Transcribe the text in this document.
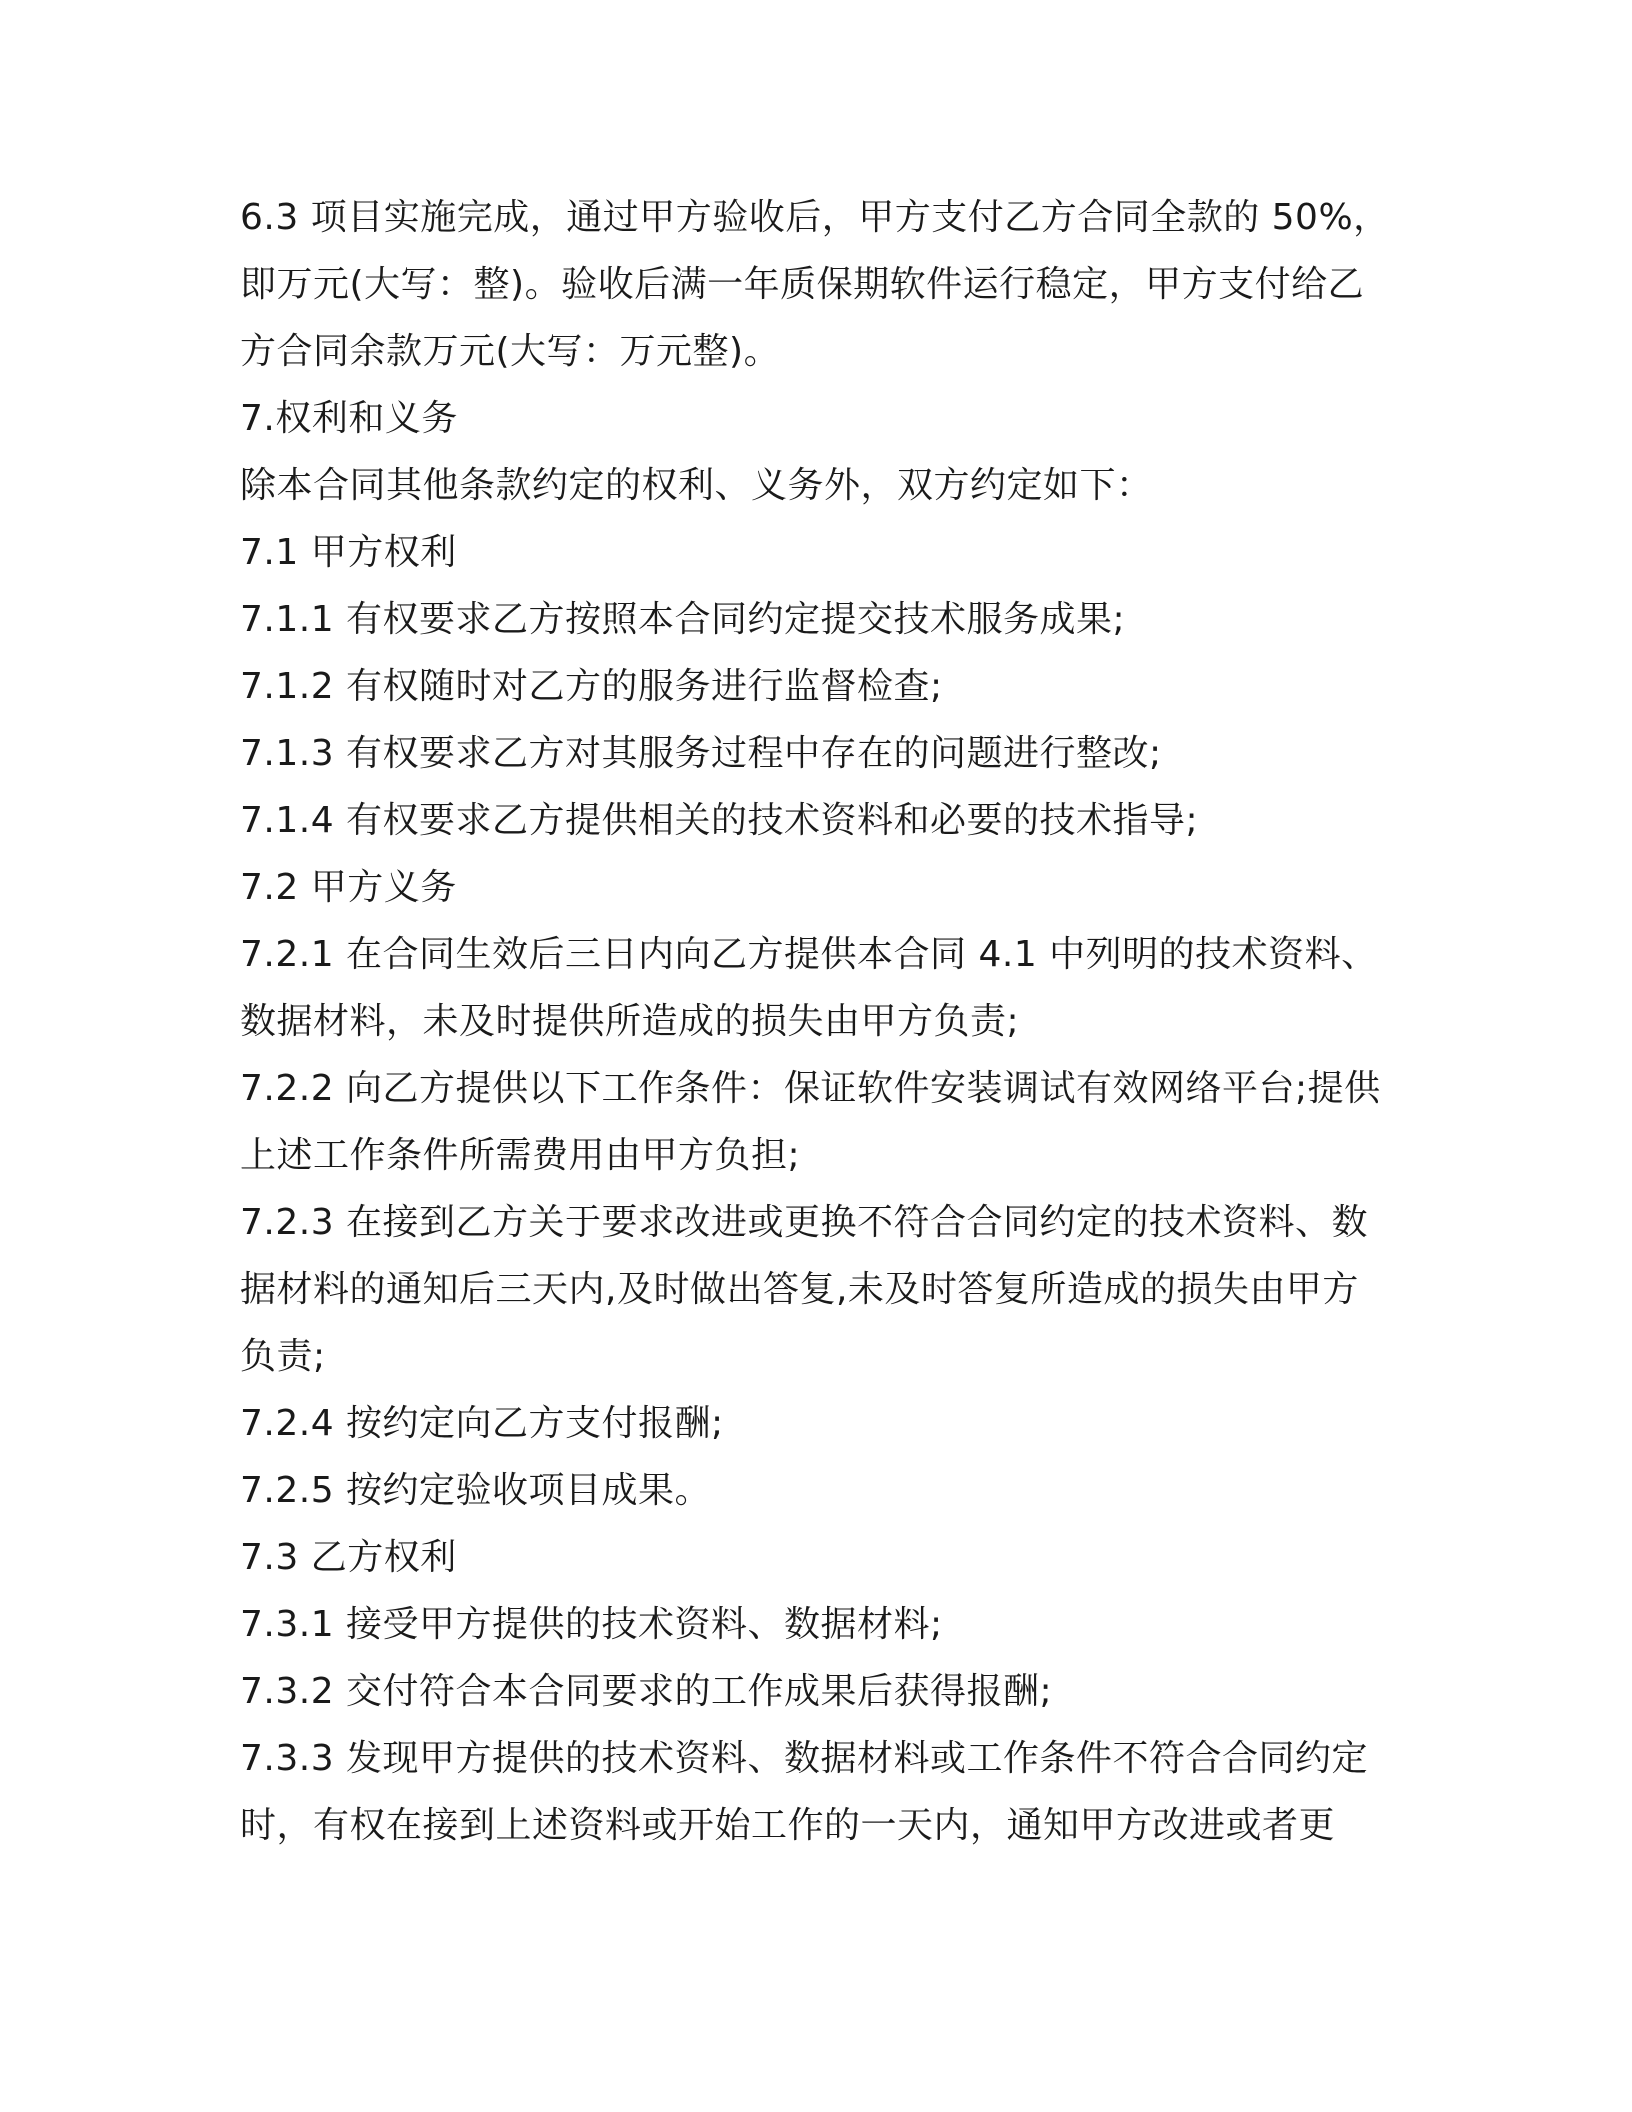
6.3 项目实施完成，通过甲方验收后，甲方支付乙方合同全款的 50%，
即万元(大写：整)。验收后满一年质保期软件运行稳定，甲方支付给乙
方合同余款万元(大写：万元整)。
7.权利和义务
除本合同其他条款约定的权利、义务外，双方约定如下：
7.1 甲方权利
7.1.1 有权要求乙方按照本合同约定提交技术服务成果;
7.1.2 有权随时对乙方的服务进行监督检查;
7.1.3 有权要求乙方对其服务过程中存在的问题进行整改;
7.1.4 有权要求乙方提供相关的技术资料和必要的技术指导;
7.2 甲方义务
7.2.1 在合同生效后三日内向乙方提供本合同 4.1 中列明的技术资料、
数据材料，未及时提供所造成的损失由甲方负责;
7.2.2 向乙方提供以下工作条件：保证软件安装调试有效网络平台;提供
上述工作条件所需费用由甲方负担;
7.2.3 在接到乙方关于要求改进或更换不符合合同约定的技术资料、数
据材料的通知后三天内,及时做出答复,未及时答复所造成的损失由甲方
负责;
7.2.4 按约定向乙方支付报酬;
7.2.5 按约定验收项目成果。
7.3 乙方权利
7.3.1 接受甲方提供的技术资料、数据材料;
7.3.2 交付符合本合同要求的工作成果后获得报酬;
7.3.3 发现甲方提供的技术资料、数据材料或工作条件不符合合同约定
时，有权在接到上述资料或开始工作的一天内，通知甲方改进或者更
